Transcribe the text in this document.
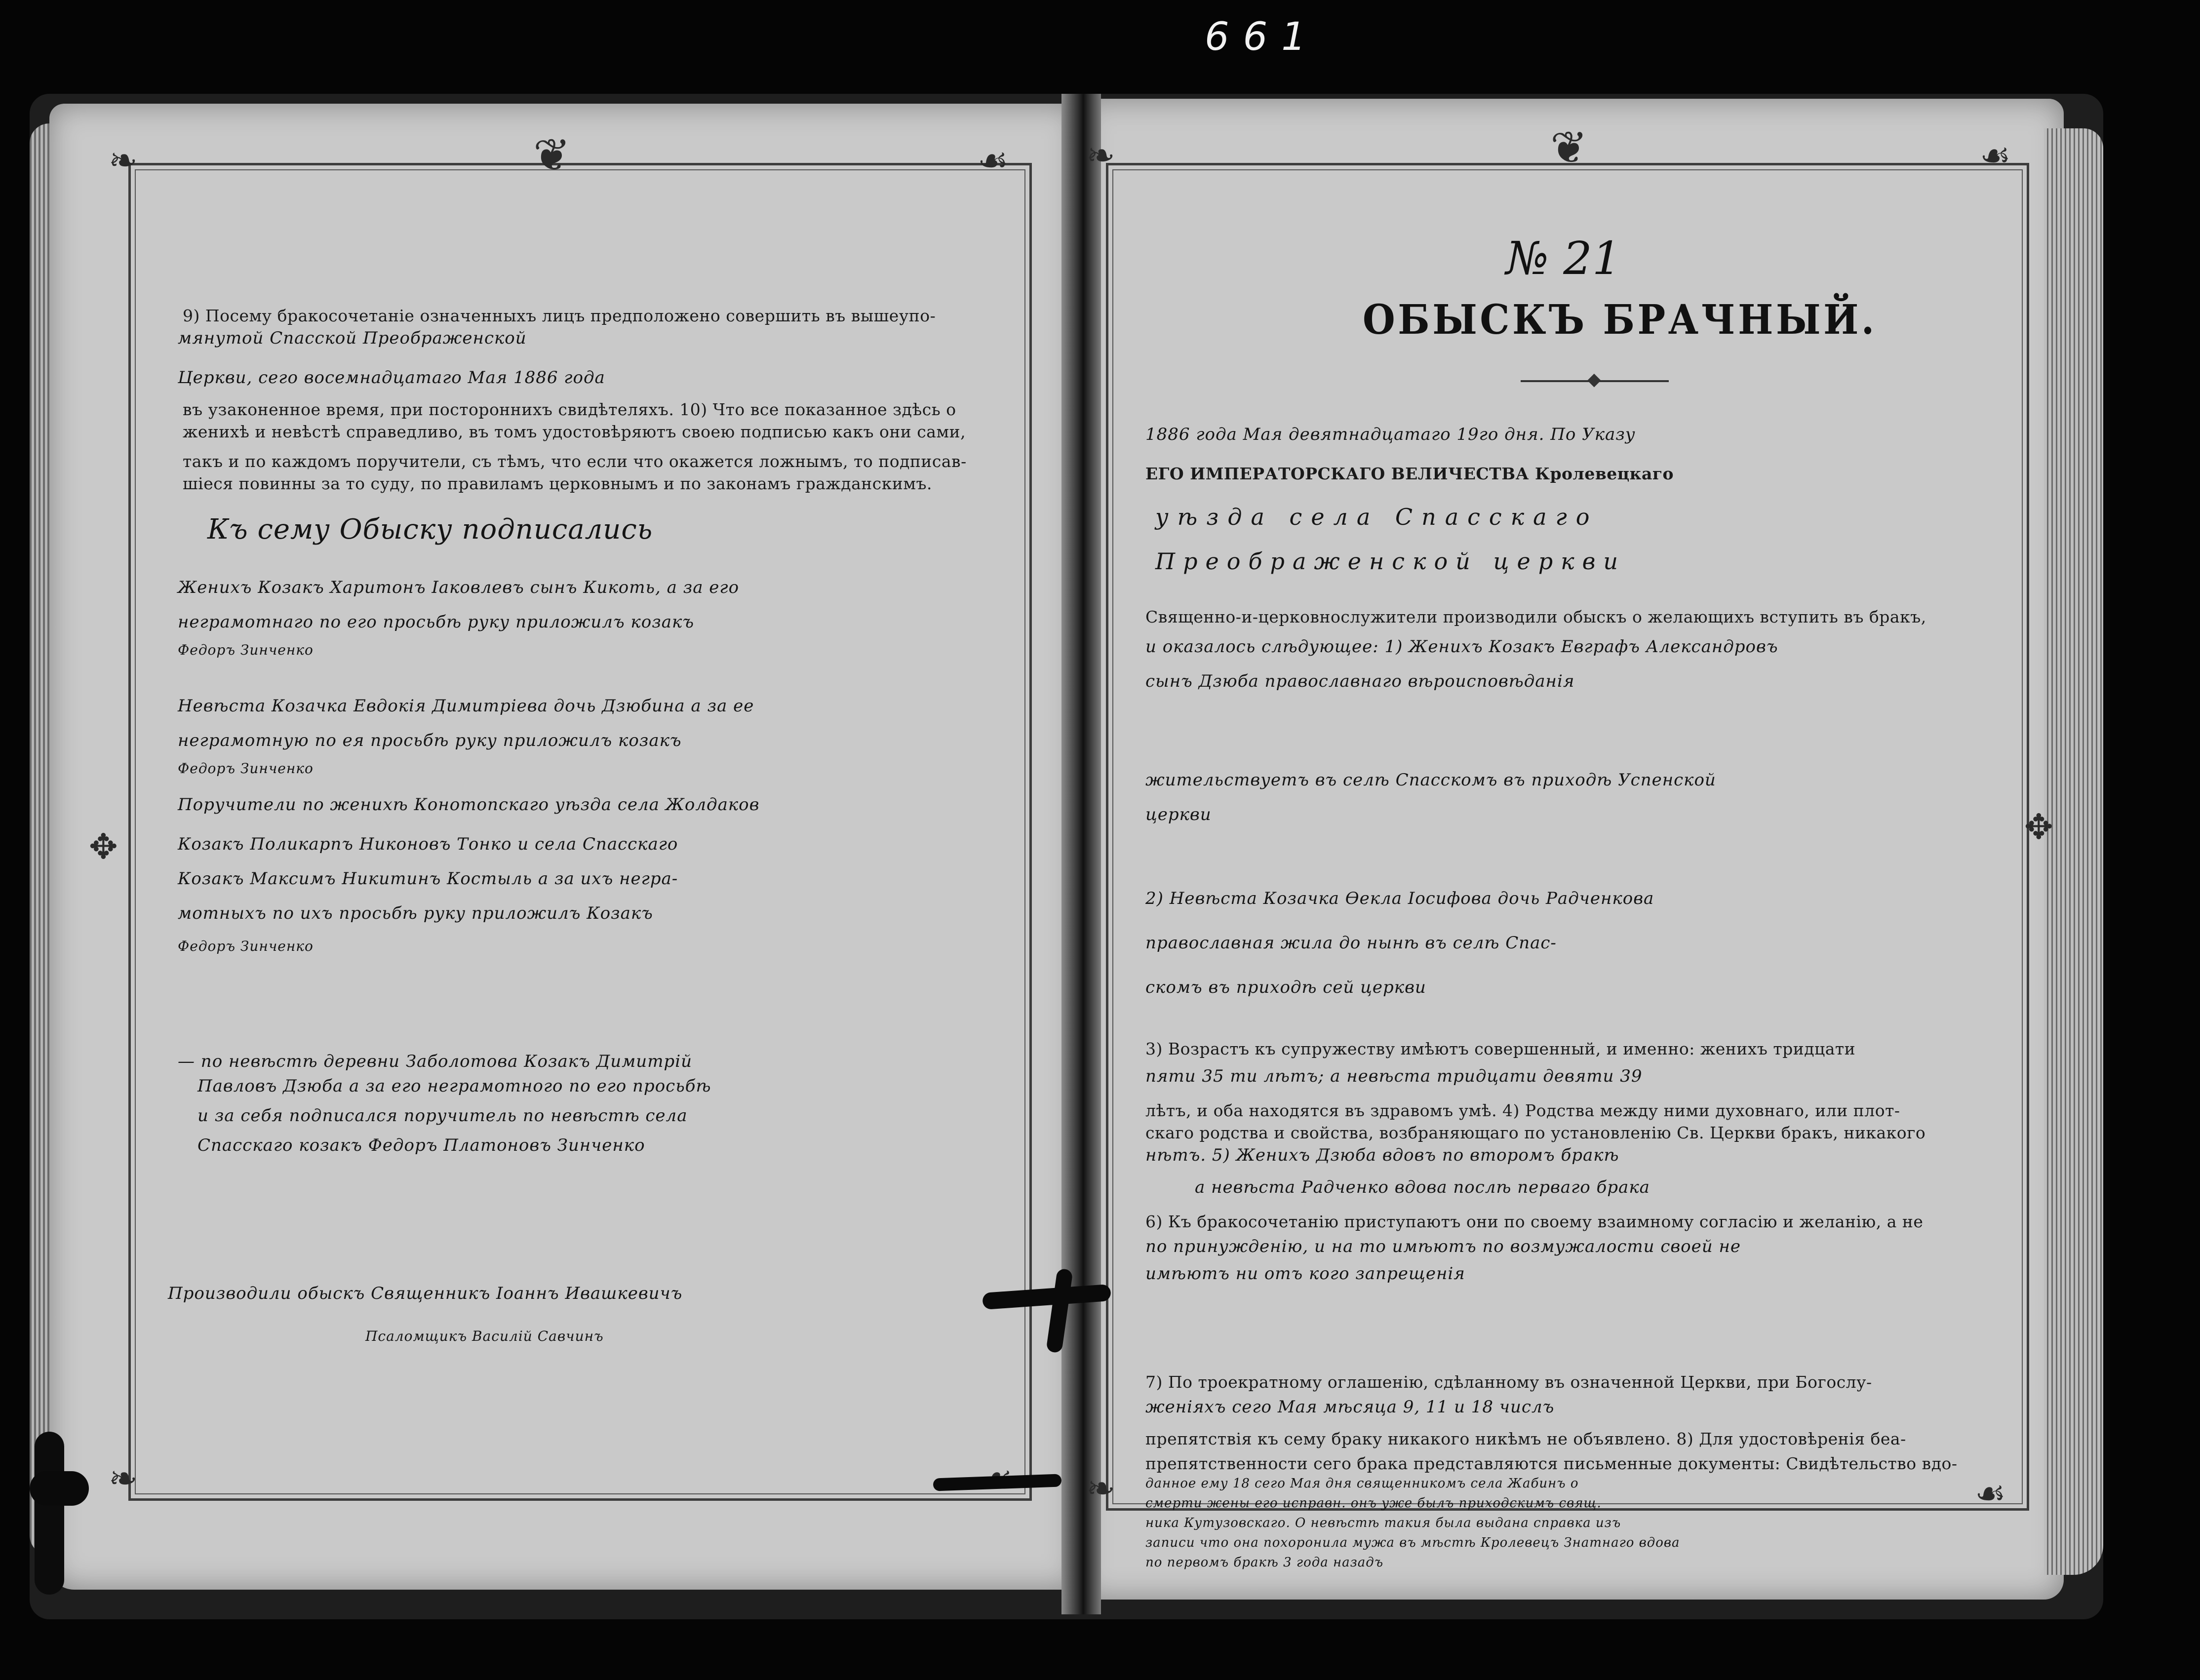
661
❦
❧	☙
✥
❧
❦
❧	☙
✥
❧	☙
9) Посему бракосочетаніе означенныхъ лицъ предположено совершить въ вышеупо-
мянутой Спасской Преображенской
Церкви, сего восемнадцатаго Мая 1886 года
въ узаконенное время, при постороннихъ свидѣтеляхъ. 10) Что все показанное здѣсь о
женихѣ и невѣстѣ справедливо, въ томъ удостовѣряютъ своею подписью какъ они сами,
такъ и по каждомъ поручители, съ тѣмъ, что если что окажется ложнымъ, то подписав-
шіеся повинны за то суду, по правиламъ церковнымъ и по законамъ гражданскимъ.
Къ сему Обыску подписались
Женихъ Козакъ Харитонъ Іаковлевъ сынъ Кикоть, а за его
неграмотнаго по его просьбѣ руку приложилъ козакъ
Федоръ Зинченко
Невѣста Козачка Евдокія Димитріева дочь Дзюбина а за ее
неграмотную по ея просьбѣ руку приложилъ козакъ
Федоръ Зинченко
Поручители по женихѣ Конотопскаго уѣзда села Жолдаков
Козакъ Поликарпъ Никоновъ Тонко и села Спасскаго
Козакъ Максимъ Никитинъ Костыль а за ихъ негра-
мотныхъ по ихъ просьбѣ руку приложилъ Козакъ
Федоръ Зинченко
— по невѣстѣ деревни Заболотова Козакъ Димитрій
Павловъ Дзюба а за его неграмотного по его просьбѣ
и за себя подписался поручитель по невѣстѣ села
Спасскаго козакъ Федоръ Платоновъ Зинченко
Производили обыскъ Священникъ Іоаннъ Ивашкевичъ
Псаломщикъ Василій Савчинъ
№ 21
ОБЫСКЪ БРАЧНЫЙ.
◆
1886 года Мая девятнадцатаго 19го дня. По Указу
ЕГО ИМПЕРАТОРСКАГО ВЕЛИЧЕСТВА Кролевецкаго
уѣзда села Спасскаго
Преображенской церкви
Священно-и-церковнослужители производили обыскъ о желающихъ вступить въ бракъ,
и оказалось слѣдующее: 1) Женихъ Козакъ Евграфъ Александровъ
сынъ Дзюба православнаго вѣроисповѣданія
жительствуетъ въ селѣ Спасскомъ въ приходѣ Успенской
церкви
2) Невѣста Козачка Өекла Іосифова дочь Радченкова
православная жила до нынѣ въ селѣ Спас-
скомъ въ приходѣ сей церкви
3) Возрастъ къ супружеству имѣютъ совершенный, и именно: женихъ тридцати
пяти 35 ти лѣтъ; а невѣста тридцати девяти 39
лѣтъ, и оба находятся въ здравомъ умѣ. 4) Родства между ними духовнаго, или плот-
скаго родства и свойства, возбраняющаго по установленію Св. Церкви бракъ, никакого
нѣтъ. 5) Женихъ Дзюба вдовъ по второмъ бракѣ
а невѣста Радченко вдова послѣ перваго брака
6) Къ бракосочетанію приступаютъ они по своему взаимному согласію и желанію, а не
по принужденію, и на то имѣютъ по возмужалости своей не
имѣютъ ни отъ кого запрещенія
7) По троекратному оглашенію, сдѣланному въ означенной Церкви, при Богослу-
женіяхъ сего Мая мѣсяца 9, 11 и 18 числъ
препятствія къ сему браку никакого никѣмъ не объявлено. 8) Для удостовѣренія беа-
препятственности сего брака представляются письменные документы: Свидѣтельство вдо-
данное ему 18 сего Мая дня священникомъ села Жабинъ о
смерти жены его исправн. онъ уже былъ приходскимъ свящ.
ника Кутузовскаго. О невѣстѣ такия была выдана справка изъ
записи что она похоронила мужа въ мѣстѣ Кролевецъ Знатнаго вдова
по первомъ бракѣ 3 года назадъ
